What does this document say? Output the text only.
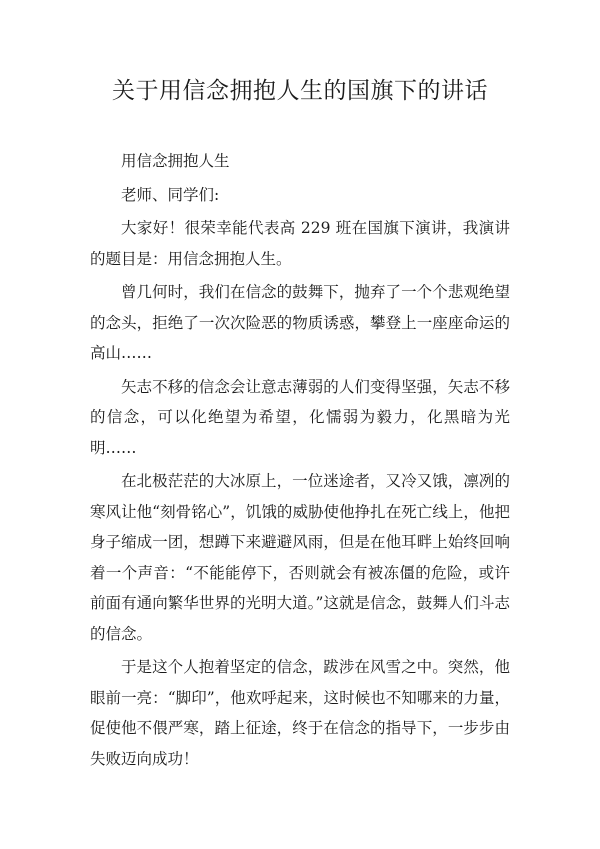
关于用信念拥抱人生的国旗下的讲话

用信念拥抱人生

老师、同学们:

大家好！很荣幸能代表高 229 班在国旗下演讲，我演讲的题目是：用信念拥抱人生。

曾几何时，我们在信念的鼓舞下，抛弃了一个个悲观绝望的念头，拒绝了一次次险恶的物质诱惑，攀登上一座座命运的高山……

矢志不移的信念会让意志薄弱的人们变得坚强，矢志不移的信念，可以化绝望为希望，化懦弱为毅力，化黑暗为光明……

在北极茫茫的大冰原上，一位迷途者，又冷又饿，凛冽的寒风让他“刻骨铭心”，饥饿的威胁使他挣扎在死亡线上，他把身子缩成一团，想蹲下来避避风雨，但是在他耳畔上始终回响着一个声音：“不能能停下，否则就会有被冻僵的危险，或许前面有通向繁华世界的光明大道。”这就是信念，鼓舞人们斗志的信念。

于是这个人抱着坚定的信念，跋涉在风雪之中。突然，他眼前一亮：“脚印”，他欢呼起来，这时候也不知哪来的力量，促使他不偎严寒，踏上征途，终于在信念的指导下，一步步由失败迈向成功！
